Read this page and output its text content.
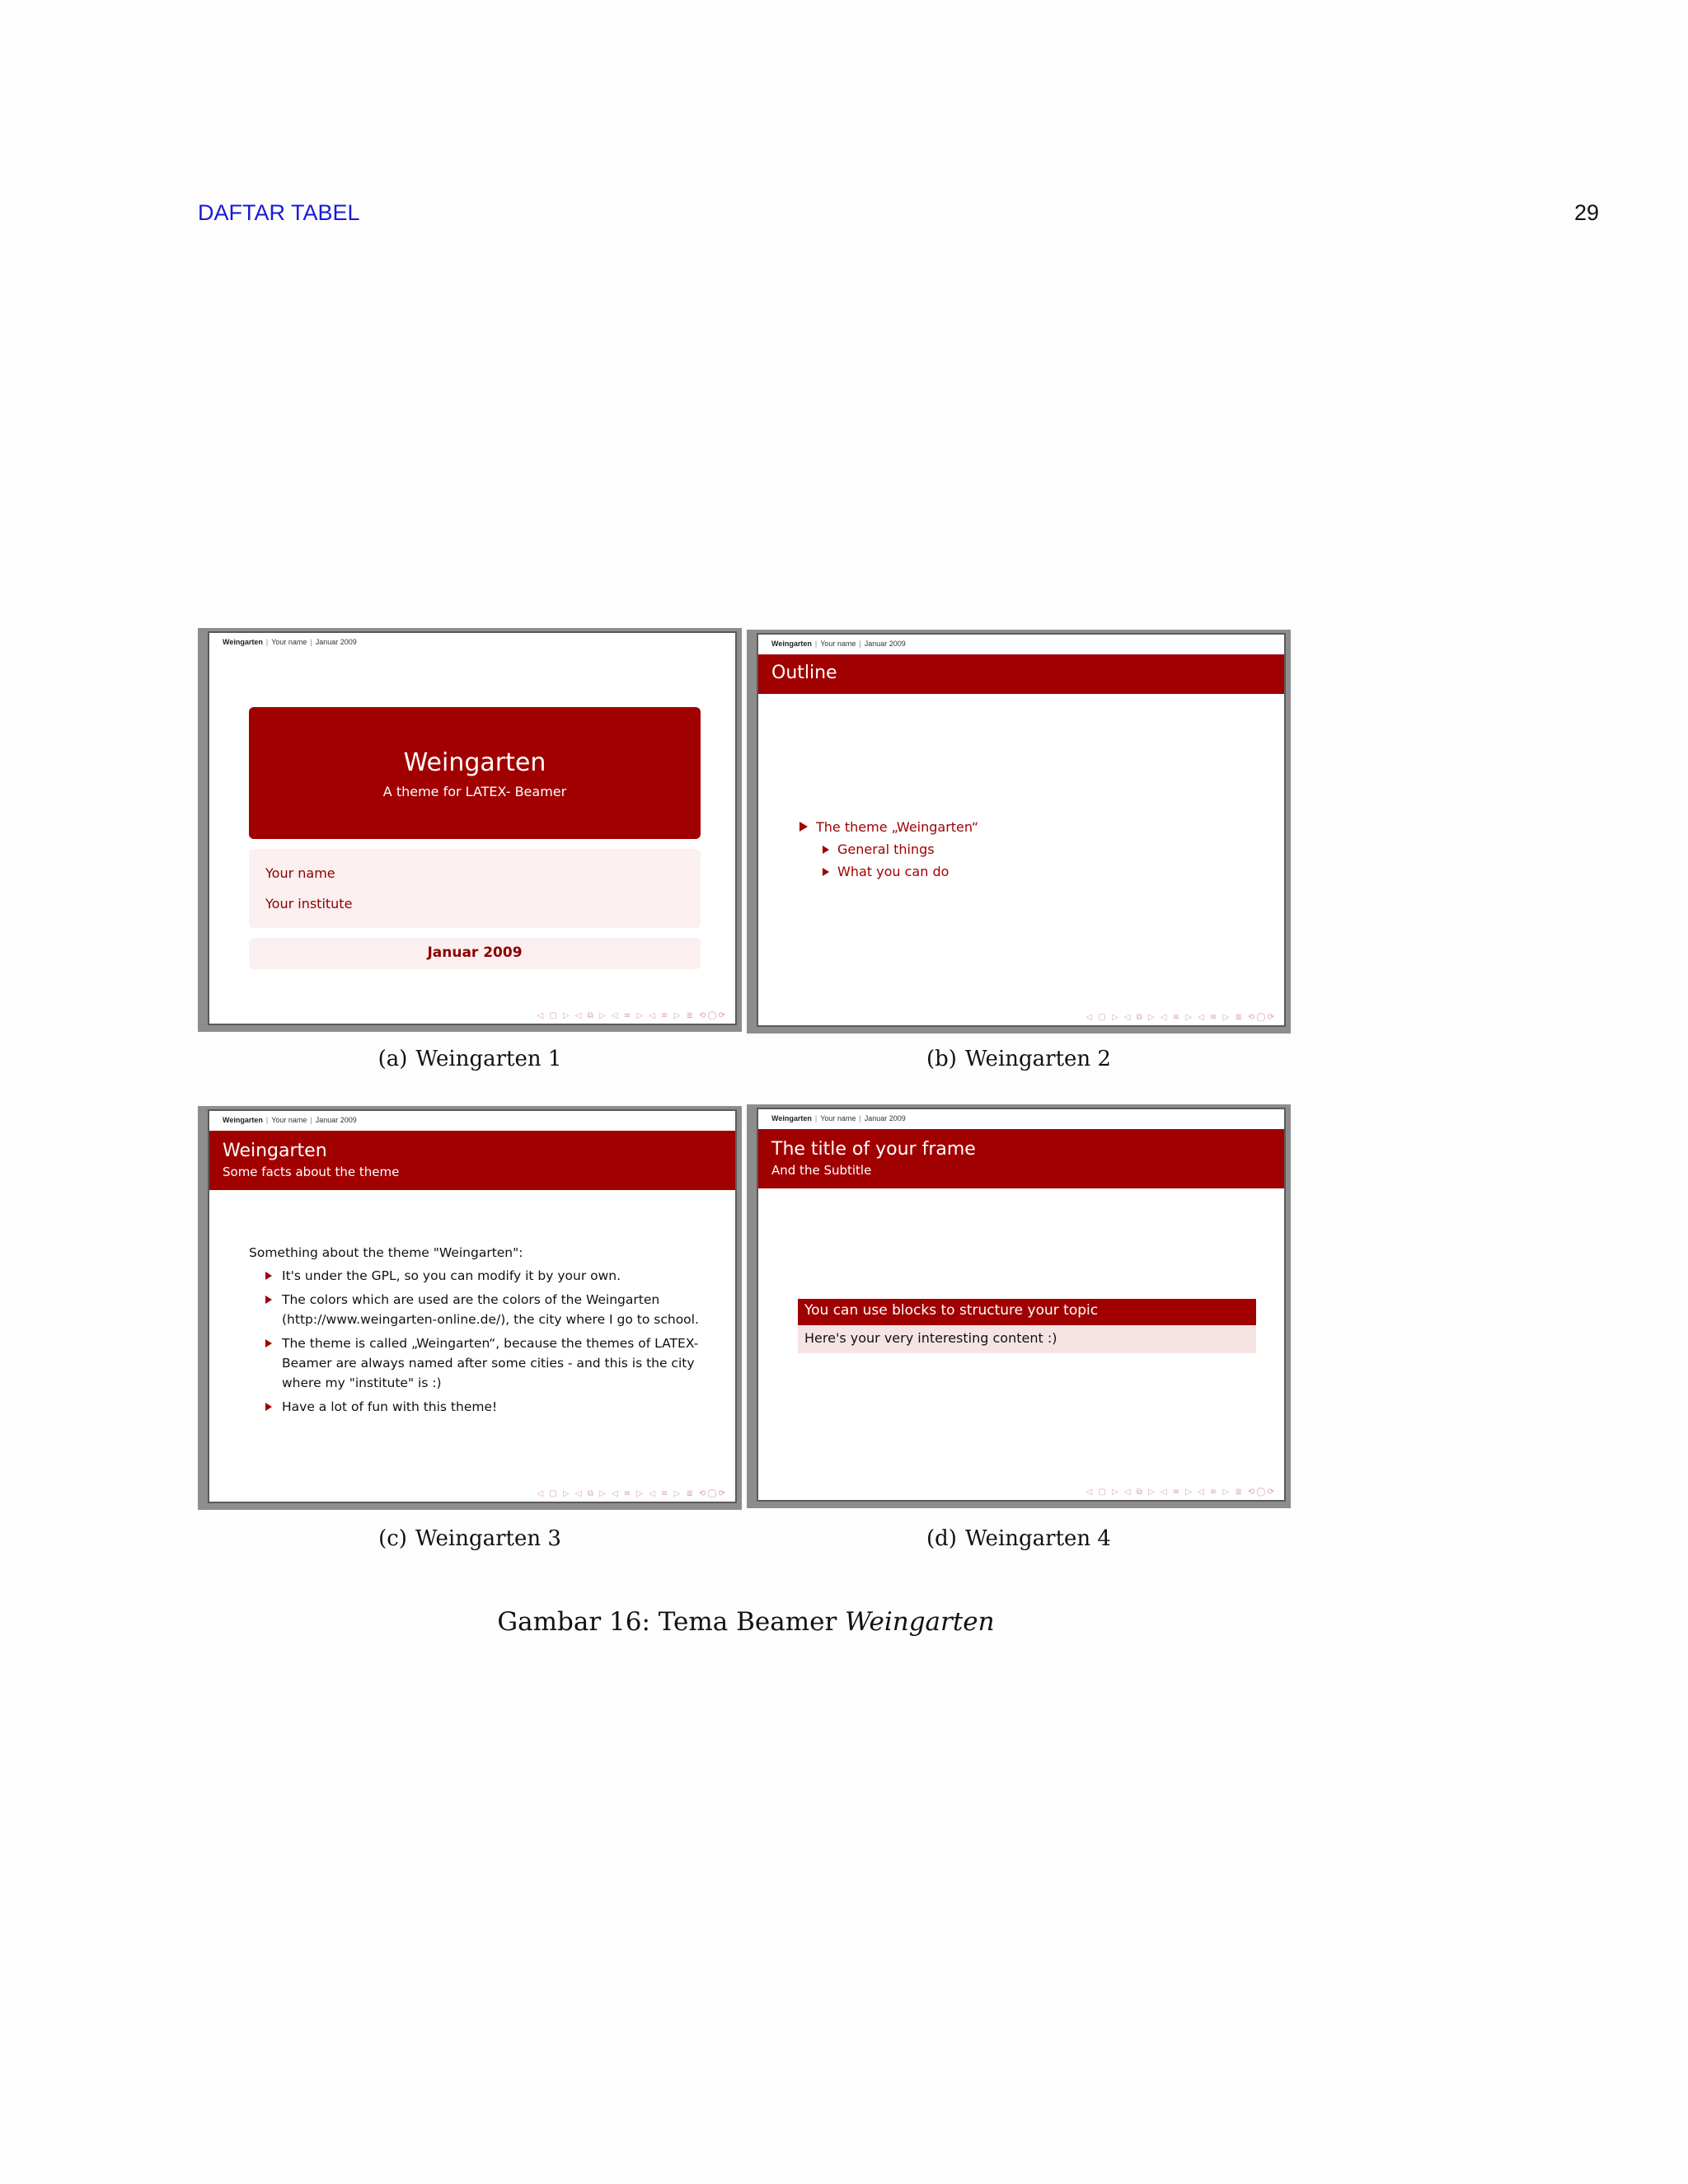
DAFTAR TABEL	29
Weingarten | Your name | Januar 2009
Weingarten
A theme for LATEX- Beamer
Your name
Your institute
Januar 2009
◁ ▢ ▷ ◁ ⧉ ▷ ◁ ≡ ▷ ◁ ≡ ▷ ≣ ⟲◯⟳
Weingarten | Your name | Januar 2009
Outline
The theme „Weingarten“
General things
What you can do
◁ ▢ ▷ ◁ ⧉ ▷ ◁ ≡ ▷ ◁ ≡ ▷ ≣ ⟲◯⟳
(a) Weingarten 1	(b) Weingarten 2
Weingarten | Your name | Januar 2009
Weingarten
Some facts about the theme
Something about the theme "Weingarten":
It's under the GPL, so you can modify it by your own.
The colors which are used are the colors of the Weingarten (http://www.weingarten-online.de/), the city where I go to school.
The theme is called „Weingarten“, because the themes of LATEX-Beamer are always named after some cities - and this is the city where my "institute" is :)
Have a lot of fun with this theme!
◁ ▢ ▷ ◁ ⧉ ▷ ◁ ≡ ▷ ◁ ≡ ▷ ≣ ⟲◯⟳
Weingarten | Your name | Januar 2009
The title of your frame
And the Subtitle
You can use blocks to structure your topic
Here's your very interesting content :)
◁ ▢ ▷ ◁ ⧉ ▷ ◁ ≡ ▷ ◁ ≡ ▷ ≣ ⟲◯⟳
(c) Weingarten 3	(d) Weingarten 4
Gambar 16: Tema Beamer Weingarten
